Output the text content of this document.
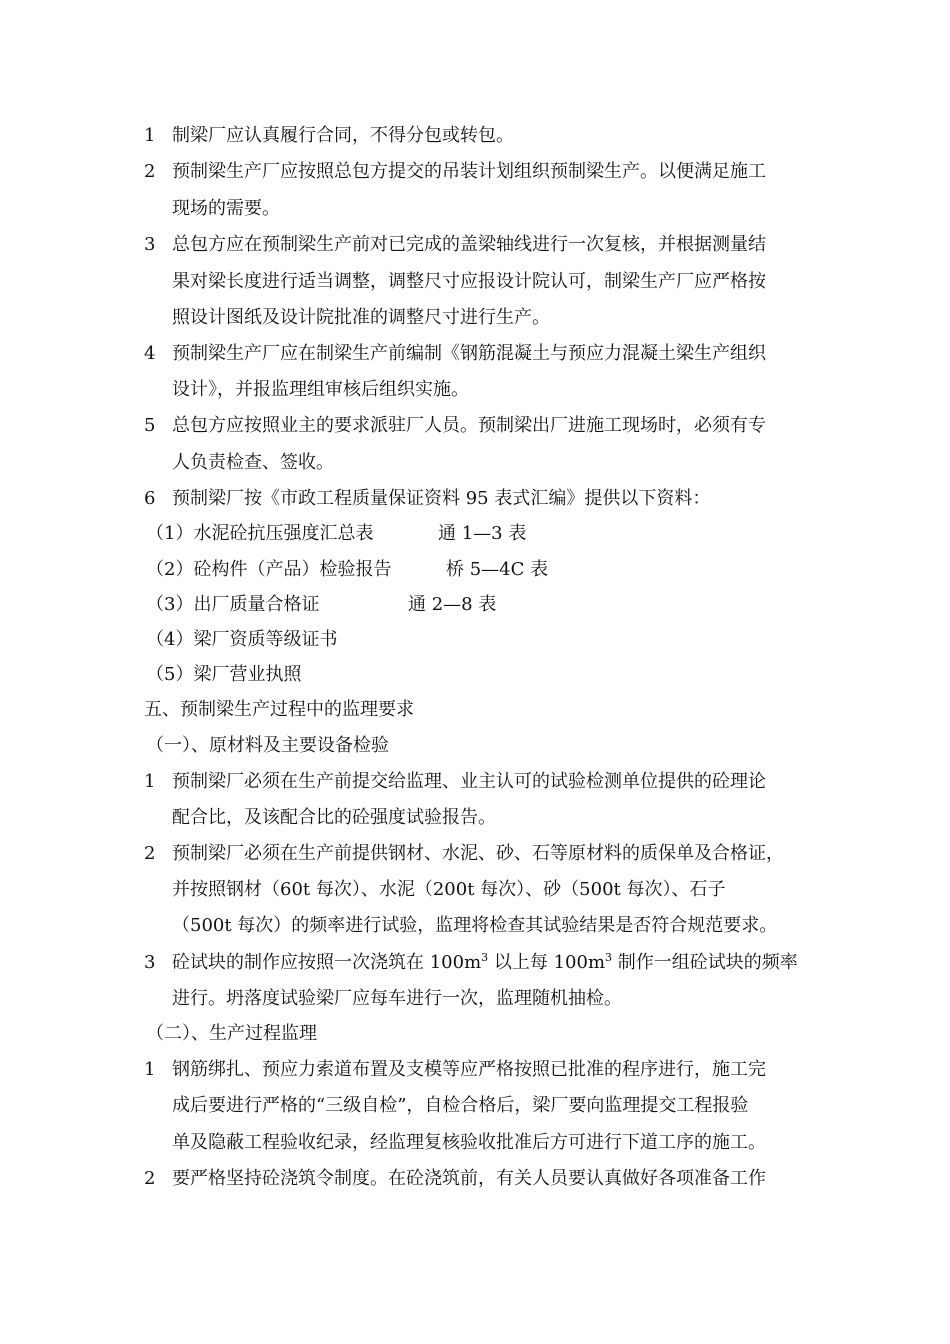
1 制梁厂应认真履行合同，不得分包或转包。
2 预制梁生产厂应按照总包方提交的吊装计划组织预制梁生产。以便满足施工
现场的需要。
3 总包方应在预制梁生产前对已完成的盖梁轴线进行一次复核，并根据测量结
果对梁长度进行适当调整，调整尺寸应报设计院认可，制梁生产厂应严格按
照设计图纸及设计院批准的调整尺寸进行生产。
4 预制梁生产厂应在制梁生产前编制《钢筋混凝土与预应力混凝土梁生产组织
设计》，并报监理组审核后组织实施。
5 总包方应按照业主的要求派驻厂人员。预制梁出厂进施工现场时，必须有专
人负责检查、签收。
6 预制梁厂按《市政工程质量保证资料 95 表式汇编》提供以下资料：
（1）水泥砼抗压强度汇总表	通 1—3 表
（2）砼构件（产品）检验报告	桥 5—4C 表
（3）出厂质量合格证	通 2—8 表
（4）梁厂资质等级证书
（5）梁厂营业执照
五、预制梁生产过程中的监理要求
（一）、原材料及主要设备检验
1 预制梁厂必须在生产前提交给监理、业主认可的试验检测单位提供的砼理论
配合比，及该配合比的砼强度试验报告。
2 预制梁厂必须在生产前提供钢材、水泥、砂、石等原材料的质保单及合格证，
并按照钢材（60t 每次）、水泥（200t 每次）、砂（500t 每次）、石子
（500t 每次）的频率进行试验，监理将检查其试验结果是否符合规范要求。
3 砼试块的制作应按照一次浇筑在 $100m^3$ 以上每 $100m^3$ 制作一组砼试块的频率
进行。坍落度试验梁厂应每车进行一次，监理随机抽检。
（二）、生产过程监理
1 钢筋绑扎、预应力索道布置及支模等应严格按照已批准的程序进行，施工完
成后要进行严格的“三级自检”，自检合格后，梁厂要向监理提交工程报验
单及隐蔽工程验收纪录，经监理复核验收批准后方可进行下道工序的施工。
2 要严格坚持砼浇筑令制度。在砼浇筑前，有关人员要认真做好各项准备工作
